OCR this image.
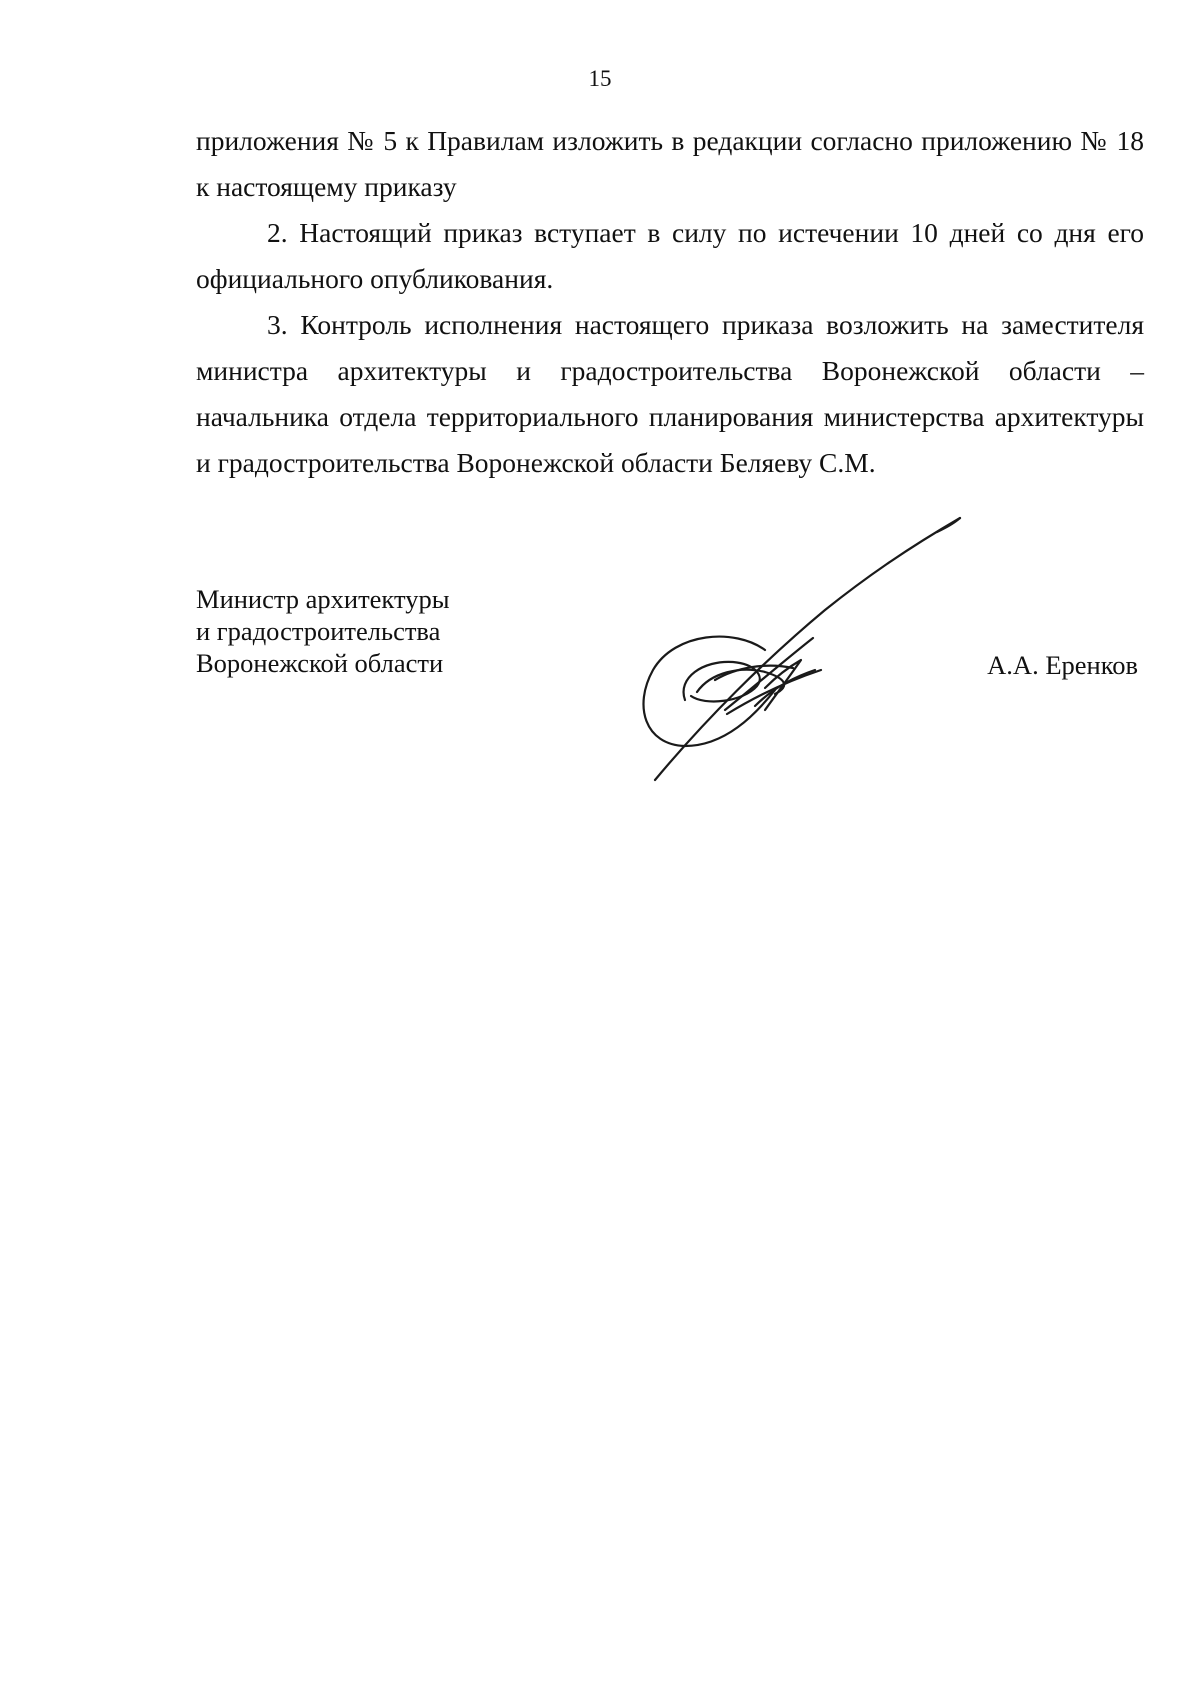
15

приложения № 5 к Правилам изложить в редакции согласно приложению № 18 к настоящему приказу

2. Настоящий приказ вступает в силу по истечении 10 дней со дня его официального опубликования.

3. Контроль исполнения настоящего приказа возложить на заместителя министра архитектуры и градостроительства Воронежской области – начальника отдела территориального планирования министерства архитектуры и градостроительства Воронежской области Беляеву С.М.

Министр архитектуры
и градостроительства
Воронежской области	А.А. Еренков
